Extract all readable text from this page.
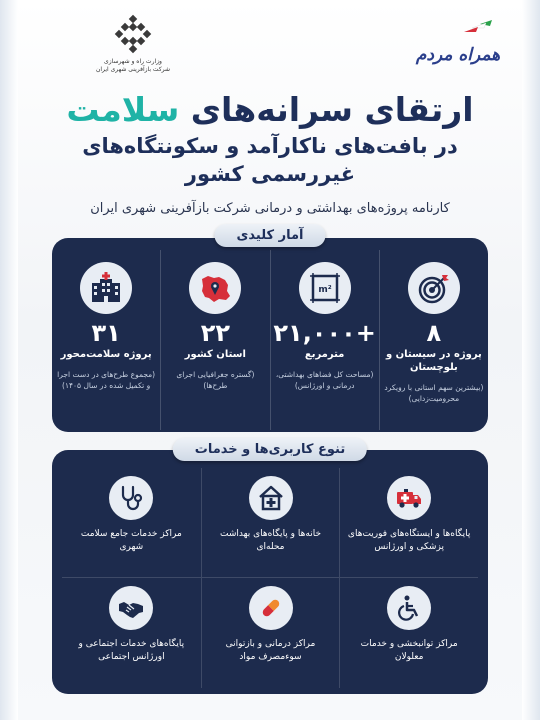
همراه مردم
وزارت راه و شهرسازی
شرکت بازآفرینی شهری ایران
ارتقای سرانه‌های سلامت
در بافت‌های ناکارآمد و سکونتگاه‌های غیررسمی کشور
کارنامه پروژه‌های بهداشتی و درمانی شرکت بازآفرینی شهری ایران
آمار کلیدی
۸
پروژه در سیستان و بلوچستان
(بیشترین سهم استانی با رویکرد محرومیت‌زدایی)
m²
+۲۱,۰۰۰
مترمربع
(مساحت کل فضاهای بهداشتی، درمانی و اورژانس)
۲۲
استان کشور
(گستره جغرافیایی اجرای طرح‌ها)
۳۱
پروژه سلامت‌محور
(مجموع طرح‌های در دست اجرا و تکمیل شده در سال ۱۴۰۵)
تنوع کاربری‌ها و خدمات
پایگاه‌ها و ایستگاه‌های فوریت‌های پزشکی و اورژانس
خانه‌ها و پایگاه‌های بهداشت محله‌ای
مراکز خدمات جامع سلامت شهری
مراکز توانبخشی و خدمات معلولان
مراکز درمانی و بازتوانی سوءمصرف مواد
پایگاه‌های خدمات اجتماعی و اورژانس اجتماعی
